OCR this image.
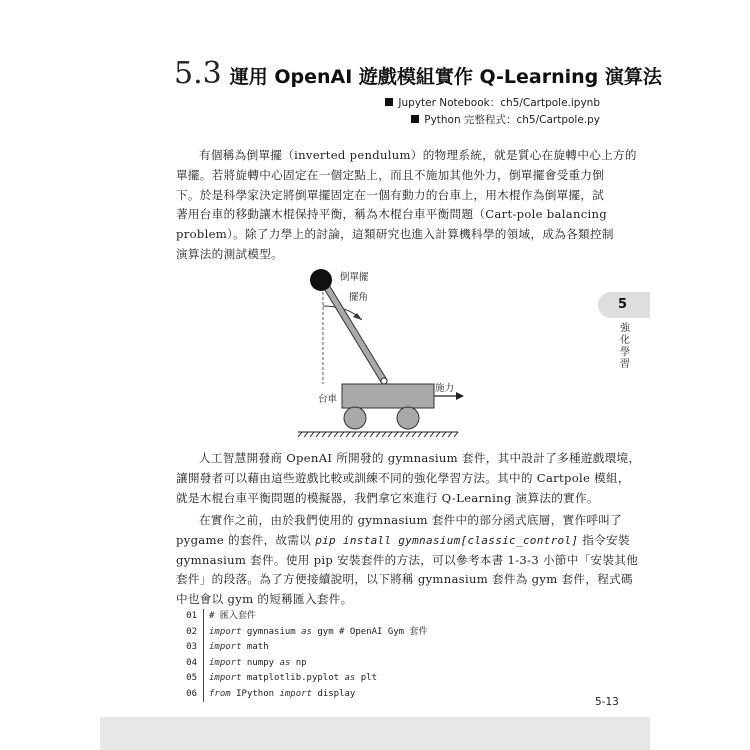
5.3 運用 OpenAI 遊戲模組實作 Q-Learning 演算法
Jupyter Notebook：ch5/Cartpole.ipynb
Python 完整程式：ch5/Cartpole.py
有個稱為倒單擺（inverted pendulum）的物理系統，就是質心在旋轉中心上方的
單擺。若將旋轉中心固定在一個定點上，而且不施加其他外力，倒單擺會受重力倒
下。於是科學家決定將倒單擺固定在一個有動力的台車上，用木棍作為倒單擺，試
著用台車的移動讓木棍保持平衡，稱為木棍台車平衡問題（Cart-pole balancing
problem）。除了力學上的討論，這類研究也進入計算機科學的領域，成為各類控制
演算法的測試模型。
倒單擺
擺角
施力
台車
人工智慧開發商 OpenAI 所開發的 gymnasium 套件，其中設計了多種遊戲環境，
讓開發者可以藉由這些遊戲比較或訓練不同的強化學習方法。其中的 Cartpole 模組，
就是木棍台車平衡問題的模擬器，我們拿它來進行 Q-Learning 演算法的實作。
在實作之前，由於我們使用的 gymnasium 套件中的部分函式底層，實作呼叫了
pygame 的套件，故需以 pip install gymnasium[classic_control] 指令安裝
gymnasium 套件。使用 pip 安裝套件的方法，可以參考本書 1-3-3 小節中「安裝其他
套件」的段落。為了方便接續說明，以下將稱 gymnasium 套件為 gym 套件，程式碼
中也會以 gym 的短稱匯入套件。
5
強化學習
01 # 匯入套件
02 import gymnasium as gym # OpenAI Gym 套件
03 import math
04 import numpy as np
05 import matplotlib.pyplot as plt
06 from IPython import display
5-13
